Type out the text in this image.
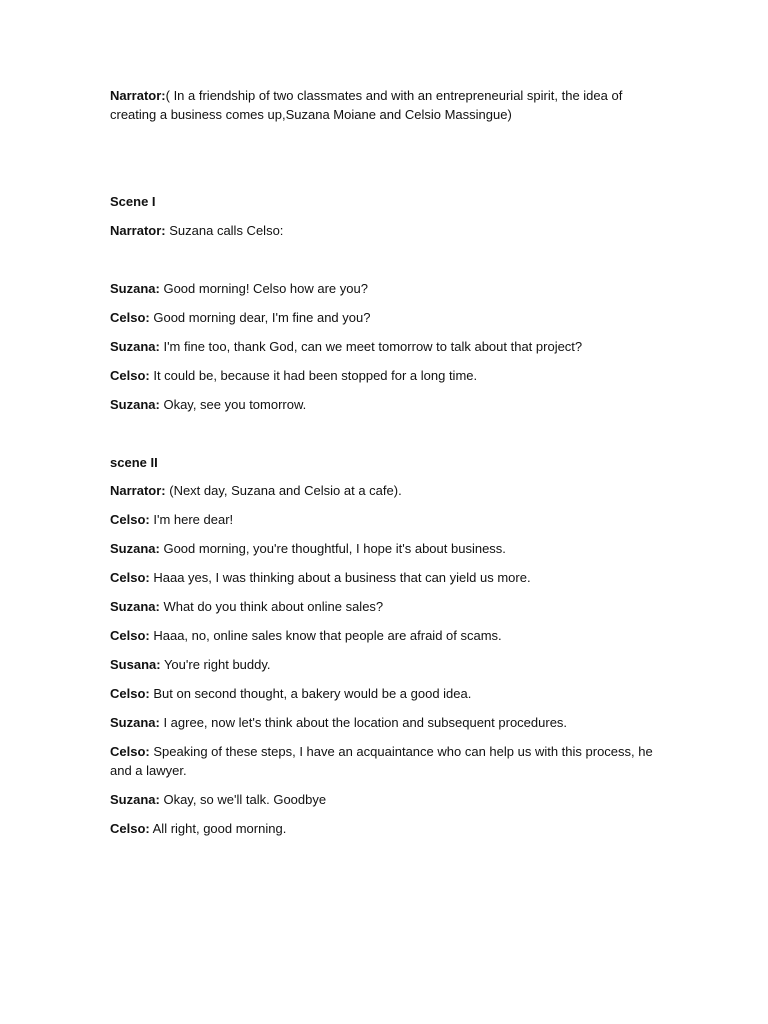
Narrator:( In a friendship of two classmates and with an entrepreneurial spirit, the idea of creating a business comes up,Suzana Moiane and Celsio Massingue)
Scene I
Narrator: Suzana calls Celso:
Suzana: Good morning! Celso how are you?
Celso: Good morning dear, I'm fine and you?
Suzana: I'm fine too, thank God, can we meet tomorrow to talk about that project?
Celso: It could be, because it had been stopped for a long time.
Suzana: Okay, see you tomorrow.
scene II
Narrator: (Next day, Suzana and Celsio at a cafe).
Celso: I'm here dear!
Suzana: Good morning, you're thoughtful, I hope it's about business.
Celso: Haaa yes, I was thinking about a business that can yield us more.
Suzana: What do you think about online sales?
Celso: Haaa, no, online sales know that people are afraid of scams.
Susana: You're right buddy.
Celso: But on second thought, a bakery would be a good idea.
Suzana: I agree, now let's think about the location and subsequent procedures.
Celso: Speaking of these steps, I have an acquaintance who can help us with this process, he and a lawyer.
Suzana: Okay, so we'll talk. Goodbye
Celso: All right, good morning.
